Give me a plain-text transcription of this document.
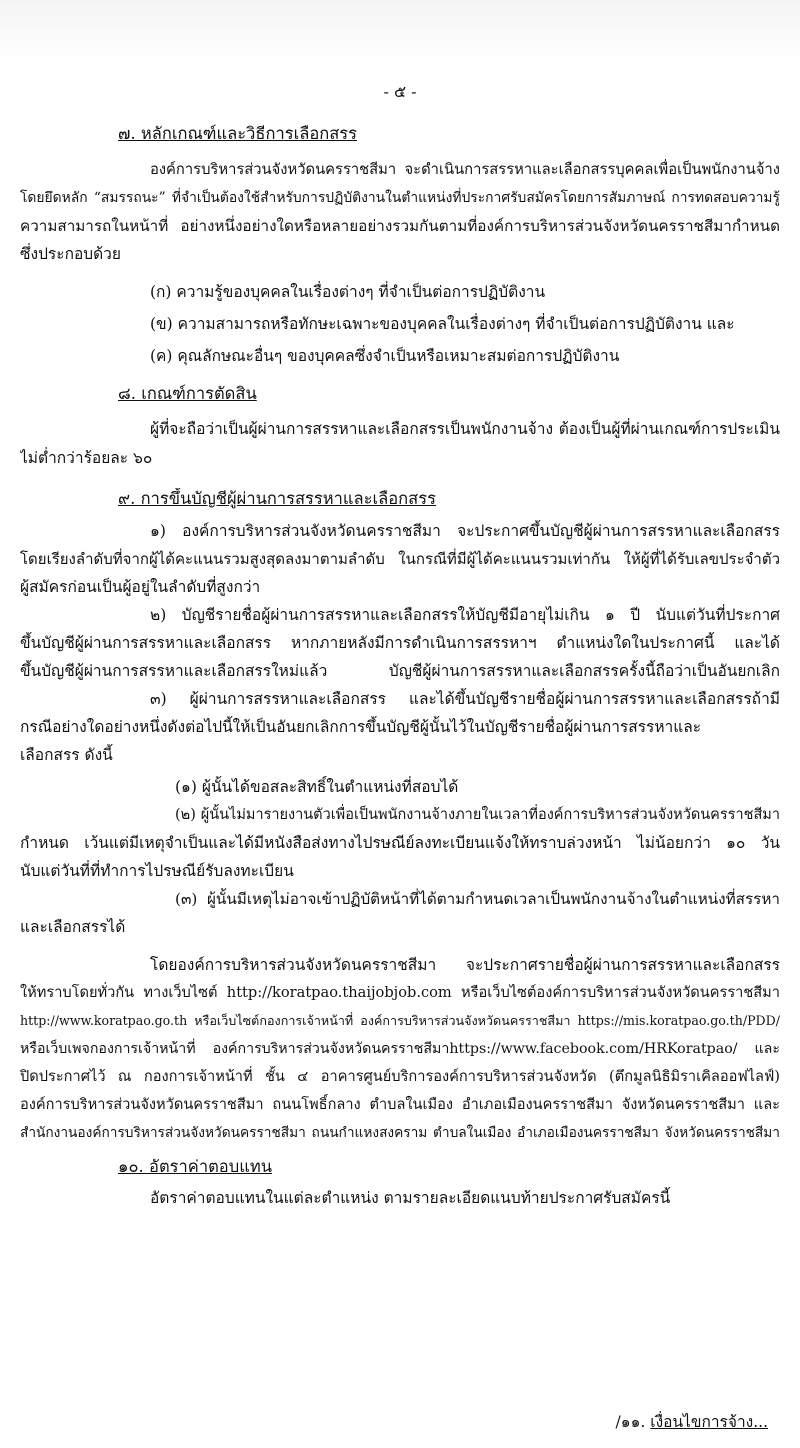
- ๕ -
๗. หลักเกณฑ์และวิธีการเลือกสรร
องค์การบริหารส่วนจังหวัดนครราชสีมา จะดำเนินการสรรหาและเลือกสรรบุคคลเพื่อเป็นพนักงานจ้าง
โดยยึดหลัก “สมรรถนะ” ที่จำเป็นต้องใช้สำหรับการปฏิบัติงานในตำแหน่งที่ประกาศรับสมัครโดยการสัมภาษณ์ การทดสอบความรู้
ความสามารถในหน้าที่ อย่างหนึ่งอย่างใดหรือหลายอย่างรวมกันตามที่องค์การบริหารส่วนจังหวัดนครราชสีมากำหนด
ซึ่งประกอบด้วย
(ก) ความรู้ของบุคคลในเรื่องต่างๆ ที่จำเป็นต่อการปฏิบัติงาน
(ข) ความสามารถหรือทักษะเฉพาะของบุคคลในเรื่องต่างๆ ที่จำเป็นต่อการปฏิบัติงาน และ
(ค) คุณลักษณะอื่นๆ ของบุคคลซึ่งจำเป็นหรือเหมาะสมต่อการปฏิบัติงาน
๘. เกณฑ์การตัดสิน
ผู้ที่จะถือว่าเป็นผู้ผ่านการสรรหาและเลือกสรรเป็นพนักงานจ้าง ต้องเป็นผู้ที่ผ่านเกณฑ์การประเมิน
ไม่ต่ำกว่าร้อยละ ๖๐
๙. การขึ้นบัญชีผู้ผ่านการสรรหาและเลือกสรร
๑) องค์การบริหารส่วนจังหวัดนครราชสีมา จะประกาศขึ้นบัญชีผู้ผ่านการสรรหาและเลือกสรร
โดยเรียงลำดับที่จากผู้ได้คะแนนรวมสูงสุดลงมาตามลำดับ ในกรณีที่มีผู้ได้คะแนนรวมเท่ากัน ให้ผู้ที่ได้รับเลขประจำตัว
ผู้สมัครก่อนเป็นผู้อยู่ในลำดับที่สูงกว่า
๒) บัญชีรายชื่อผู้ผ่านการสรรหาและเลือกสรรให้บัญชีมีอายุไม่เกิน ๑ ปี นับแต่วันที่ประกาศ
ขึ้นบัญชีผู้ผ่านการสรรหาและเลือกสรร หากภายหลังมีการดำเนินการสรรหาฯ ตำแหน่งใดในประกาศนี้ และได้
ขึ้นบัญชีผู้ผ่านการสรรหาและเลือกสรรใหม่แล้ว บัญชีผู้ผ่านการสรรหาและเลือกสรรครั้งนี้ถือว่าเป็นอันยกเลิก
๓) ผู้ผ่านการสรรหาและเลือกสรร และได้ขึ้นบัญชีรายชื่อผู้ผ่านการสรรหาและเลือกสรรถ้ามี
กรณีอย่างใดอย่างหนึ่งดังต่อไปนี้ให้เป็นอันยกเลิกการขึ้นบัญชีผู้นั้นไว้ในบัญชีรายชื่อผู้ผ่านการสรรหาและ
เลือกสรร ดังนี้
(๑) ผู้นั้นได้ขอสละสิทธิ์ในตำแหน่งที่สอบได้
(๒) ผู้นั้นไม่มารายงานตัวเพื่อเป็นพนักงานจ้างภายในเวลาที่องค์การบริหารส่วนจังหวัดนครราชสีมา
กำหนด เว้นแต่มีเหตุจำเป็นและได้มีหนังสือส่งทางไปรษณีย์ลงทะเบียนแจ้งให้ทราบล่วงหน้า ไม่น้อยกว่า ๑๐ วัน
นับแต่วันที่ที่ทำการไปรษณีย์รับลงทะเบียน
(๓) ผู้นั้นมีเหตุไม่อาจเข้าปฏิบัติหน้าที่ได้ตามกำหนดเวลาเป็นพนักงานจ้างในตำแหน่งที่สรรหา
และเลือกสรรได้
โดยองค์การบริหารส่วนจังหวัดนครราชสีมา จะประกาศรายชื่อผู้ผ่านการสรรหาและเลือกสรร
ให้ทราบโดยทั่วกัน ทางเว็บไซต์ http://koratpao.thaijobjob.com หรือเว็บไซต์องค์การบริหารส่วนจังหวัดนครราชสีมา
http://www.koratpao.go.th หรือเว็บไซต์กองการเจ้าหน้าที่ องค์การบริหารส่วนจังหวัดนครราชสีมา https://mis.koratpao.go.th/PDD/
หรือเว็บเพจกองการเจ้าหน้าที่ องค์การบริหารส่วนจังหวัดนครราชสีมาhttps://www.facebook.com/HRKoratpao/ และ
ปิดประกาศไว้ ณ กองการเจ้าหน้าที่ ชั้น ๔ อาคารศูนย์บริการองค์การบริหารส่วนจังหวัด (ตึกมูลนิธิมิราเคิลออฟไลฟ์)
องค์การบริหารส่วนจังหวัดนครราชสีมา ถนนโพธิ์กลาง ตำบลในเมือง อำเภอเมืองนครราชสีมา จังหวัดนครราชสีมา และ
สำนักงานองค์การบริหารส่วนจังหวัดนครราชสีมา ถนนกำแหงสงคราม ตำบลในเมือง อำเภอเมืองนครราชสีมา จังหวัดนครราชสีมา
๑๐. อัตราค่าตอบแทน
อัตราค่าตอบแทนในแต่ละตำแหน่ง ตามรายละเอียดแนบท้ายประกาศรับสมัครนี้
/๑๑. เงื่อนไขการจ้าง...
